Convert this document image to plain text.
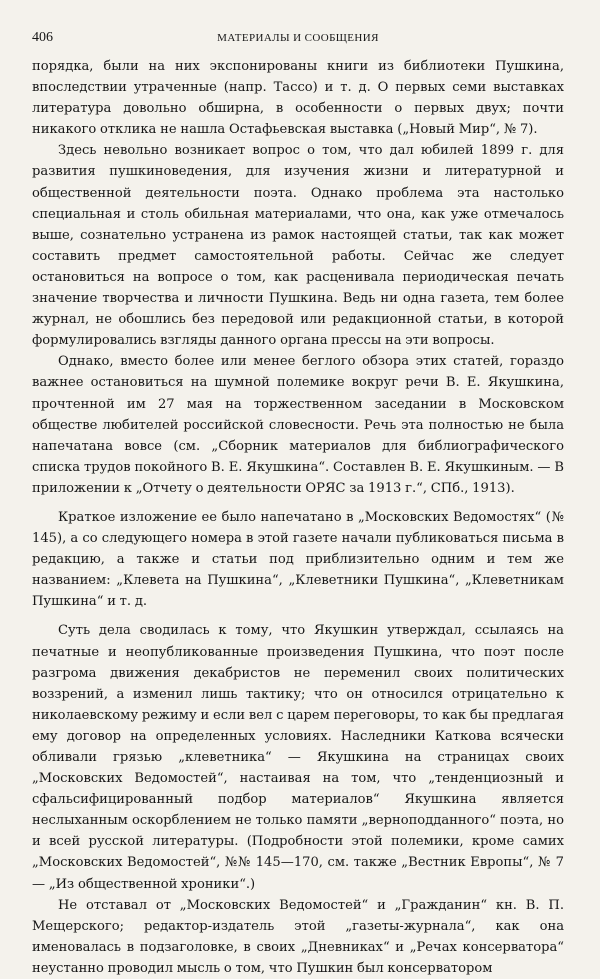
406	МАТЕРИАЛЫ И СООБЩЕНИЯ

порядка, были на них экспонированы книги из библиотеки Пушкина, впоследствии утраченные (напр. Тассо) и т. д. О первых семи выставках литература довольно обширна, в особенности о первых двух; почти никакого отклика не нашла Остафьевская выставка („Новый Мир“, № 7).

Здесь невольно возникает вопрос о том, что дал юбилей 1899 г. для развития пушкиноведения, для изучения жизни и литературной и общественной деятельности поэта. Однако проблема эта настолько специальная и столь обильная материалами, что она, как уже отмечалось выше, сознательно устранена из рамок настоящей статьи, так как может составить предмет самостоятельной работы. Сейчас же следует остановиться на вопросе о том, как расценивала периодическая печать значение творчества и личности Пушкина. Ведь ни одна газета, тем более журнал, не обошлись без передовой или редакционной статьи, в которой формулировались взгляды данного органа прессы на эти вопросы.

Однако, вместо более или менее беглого обзора этих статей, гораздо важнее остановиться на шумной полемике вокруг речи В. Е. Якушкина, прочтенной им 27 мая на торжественном заседании в Московском обществе любителей российской словесности. Речь эта полностью не была напечатана вовсе (см. „Сборник материалов для библиографического списка трудов покойного В. Е. Якушкина“. Составлен В. Е. Якушкиным. — В приложении к „Отчету о деятельности ОРЯС за 1913 г.“, СПб., 1913).

Краткое изложение ее было напечатано в „Московских Ведомостях“ (№ 145), а со следующего номера в этой газете начали публиковаться письма в редакцию, а также и статьи под приблизительно одним и тем же названием: „Клевета на Пушкина“, „Клеветники Пушкина“, „Клеветникам Пушкина“ и т. д.

Суть дела сводилась к тому, что Якушкин утверждал, ссылаясь на печатные и неопубликованные произведения Пушкина, что поэт после разгрома движения декабристов не переменил своих политических воззрений, а изменил лишь тактику; что он относился отрицательно к николаевскому режиму и если вел с царем переговоры, то как бы предлагая ему договор на определенных условиях. Наследники Каткова всячески обливали грязью „клеветника“ — Якушкина на страницах своих „Московских Ведомостей“, настаивая на том, что „тенденциозный и сфальсифицированный подбор материалов“ Якушкина является неслыханным оскорблением не только памяти „верноподданного“ поэта, но и всей русской литературы. (Подробности этой полемики, кроме самих „Московских Ведомостей“, №№ 145—170, см. также „Вестник Европы“, № 7— „Из общественной хроники“.)

Не отставал от „Московских Ведомостей“ и „Гражданин“ кн. В. П. Мещерского; редактор-издатель этой „газеты-журнала“, как она именовалась в подзаголовке, в своих „Дневниках“ и „Речах консерватора“ неустанно проводил мысль о том, что Пушкин был консерватором
